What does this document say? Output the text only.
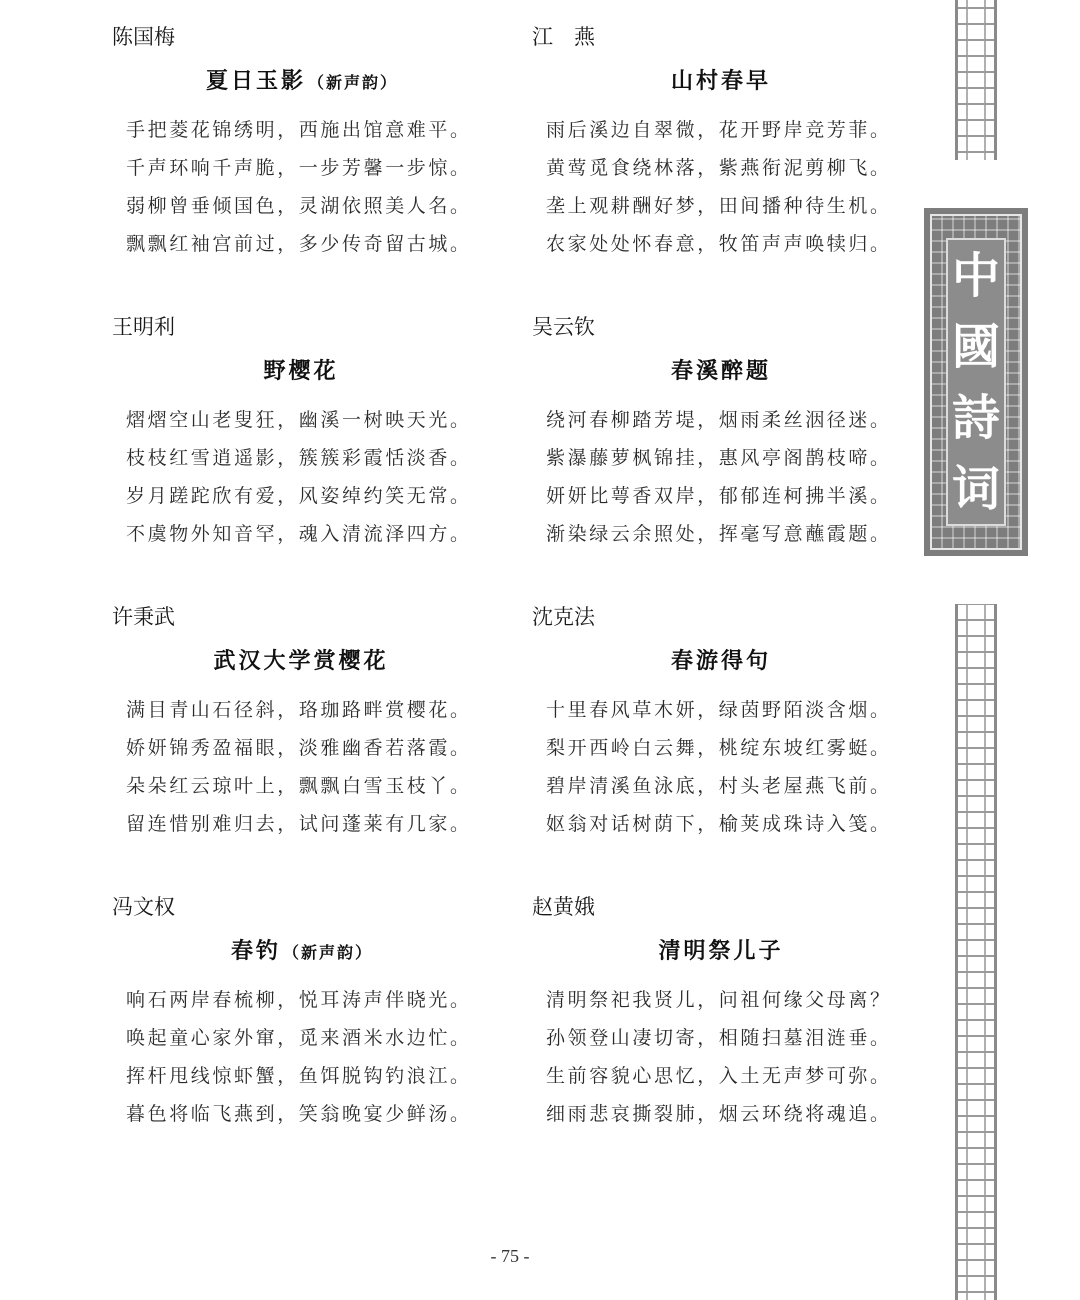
陈国梅
夏日玉影 （新声韵）
手把菱花锦绣明，西施出馆意难平。
千声环响千声脆，一步芳馨一步惊。
弱柳曾垂倾国色，灵湖依照美人名。
飘飘红袖宫前过，多少传奇留古城。
江　燕
山村春早
雨后溪边自翠微，花开野岸竞芳菲。
黄莺觅食绕林落，紫燕衔泥剪柳飞。
垄上观耕酬好梦，田间播种待生机。
农家处处怀春意，牧笛声声唤犊归。
王明利
野樱花
熠熠空山老叟狂，幽溪一树映天光。
枝枝红雪逍遥影，簇簇彩霞恬淡香。
岁月蹉跎欣有爱，风姿绰约笑无常。
不虞物外知音罕，魂入清流泽四方。
吴云钦
春溪醉题
绕河春柳踏芳堤，烟雨柔丝洇径迷。
紫瀑藤萝枫锦挂，惠风亭阁鹊枝啼。
妍妍比萼香双岸，郁郁连柯拂半溪。
渐染绿云余照处，挥毫写意蘸霞题。
许秉武
武汉大学赏樱花
满目青山石径斜，珞珈路畔赏樱花。
娇妍锦秀盈福眼，淡雅幽香若落霞。
朵朵红云琼叶上，飘飘白雪玉枝丫。
留连惜别难归去，试问蓬莱有几家。
沈克法
春游得句
十里春风草木妍，绿茵野陌淡含烟。
梨开西岭白云舞，桃绽东坡红雾蜓。
碧岸清溪鱼泳底，村头老屋燕飞前。
妪翁对话树荫下，榆荚成珠诗入笺。
冯文权
春钓 （新声韵）
响石两岸春梳柳，悦耳涛声伴晓光。
唤起童心家外窜，觅来酒米水边忙。
挥杆甩线惊虾蟹，鱼饵脱钩钓浪江。
暮色将临飞燕到，笑翁晚宴少鲜汤。
赵黄娥
清明祭儿子
清明祭祀我贤儿，问祖何缘父母离？
孙领登山凄切寄，相随扫墓泪涟垂。
生前容貌心思忆，入土无声梦可弥。
细雨悲哀撕裂肺，烟云环绕将魂追。
- 75 -
中
國
詩
词
